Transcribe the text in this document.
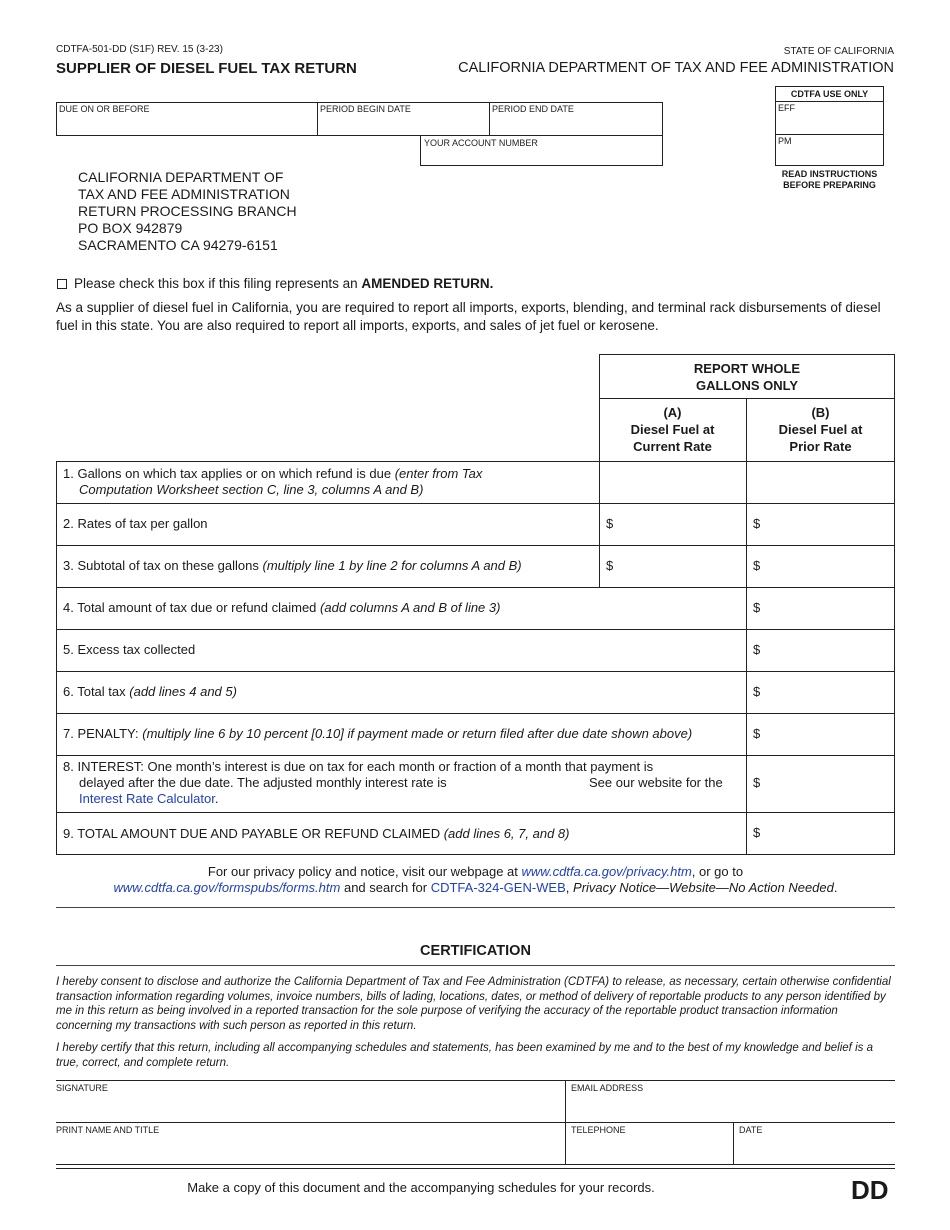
CDTFA-501-DD (S1F) REV. 15 (3-23)
SUPPLIER OF DIESEL FUEL TAX RETURN
STATE OF CALIFORNIA
CALIFORNIA DEPARTMENT OF TAX AND FEE ADMINISTRATION
DUE ON OR BEFORE	PERIOD BEGIN DATE	PERIOD END DATE
YOUR ACCOUNT NUMBER
CDTFA USE ONLY
EFF
PM
READ INSTRUCTIONS
BEFORE PREPARING
CALIFORNIA DEPARTMENT OF
TAX AND FEE ADMINISTRATION
RETURN PROCESSING BRANCH
PO BOX 942879
SACRAMENTO CA 94279-6151
Please check this box if this filing represents an AMENDED RETURN.
As a supplier of diesel fuel in California, you are required to report all imports, exports, blending, and terminal rack disbursements of diesel fuel in this state. You are also required to report all imports, exports, and sales of jet fuel or kerosene.
REPORT WHOLE
GALLONS ONLY
(A)
Diesel Fuel at
Current Rate
(B)
Diesel Fuel at
Prior Rate
1. Gallons on which tax applies or on which refund is due (enter from Tax
Computation Worksheet section C, line 3, columns A and B)
2. Rates of tax per gallon	$	$
3. Subtotal of tax on these gallons (multiply line 1 by line 2 for columns A and B)	$	$
4. Total amount of tax due or refund claimed (add columns A and B of line 3)	$
5. Excess tax collected	$
6. Total tax (add lines 4 and 5)	$
7. PENALTY: (multiply line 6 by 10 percent [0.10] if payment made or return filed after due date shown above)	$
8. INTEREST: One month’s interest is due on tax for each month or fraction of a month that payment is
delayed after the due date. The adjusted monthly interest rate is	See our website for the
Interest Rate Calculator.
$
9. TOTAL AMOUNT DUE AND PAYABLE OR REFUND CLAIMED (add lines 6, 7, and 8)	$
For our privacy policy and notice, visit our webpage at www.cdtfa.ca.gov/privacy.htm, or go to
www.cdtfa.ca.gov/formspubs/forms.htm and search for CDTFA-324-GEN-WEB, Privacy Notice—Website—No Action Needed.
CERTIFICATION
I hereby consent to disclose and authorize the California Department of Tax and Fee Administration (CDTFA) to release, as necessary, certain otherwise confidential transaction information regarding volumes, invoice numbers, bills of lading, locations, dates, or method of delivery of reportable products to any person identified by me in this return as being involved in a reported transaction for the sole purpose of verifying the accuracy of the reportable product transaction information concerning my transactions with such person as reported in this return.
I hereby certify that this return, including all accompanying schedules and statements, has been examined by me and to the best of my knowledge and belief is a true, correct, and complete return.
SIGNATURE	EMAIL ADDRESS
PRINT NAME AND TITLE	TELEPHONE	DATE
Make a copy of this document and the accompanying schedules for your records.	DD
